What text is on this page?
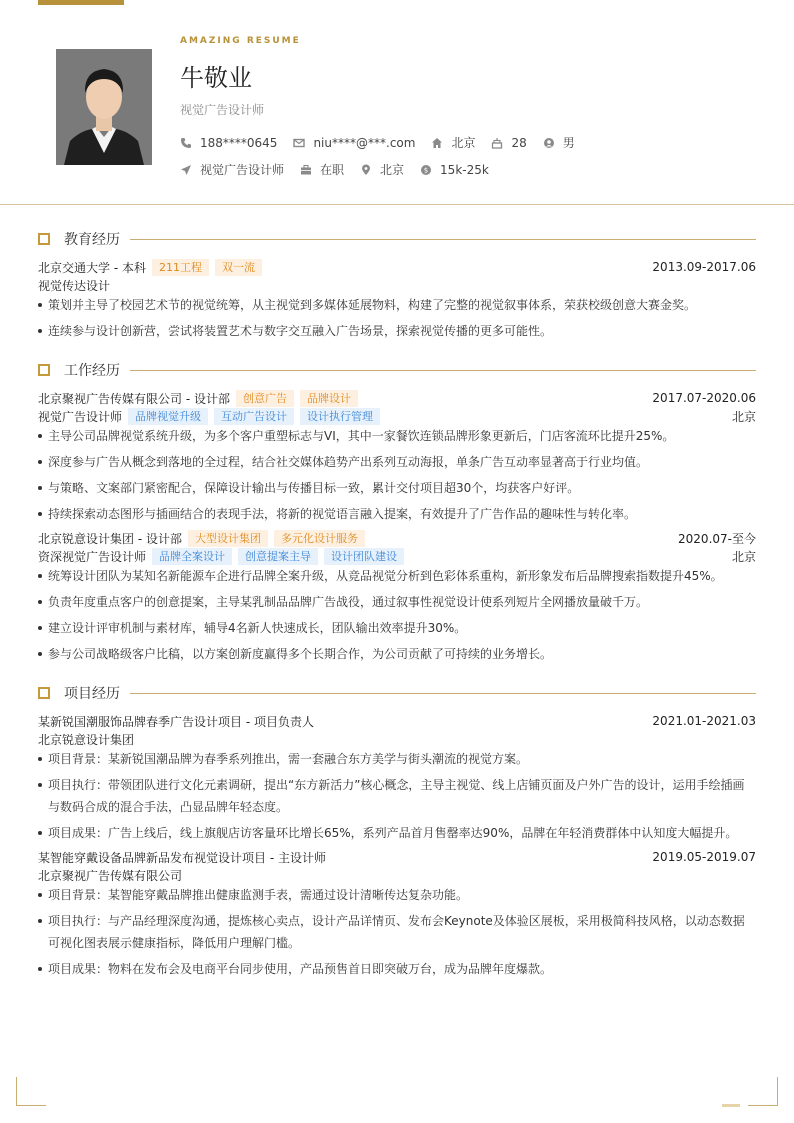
AMAZING RESUME
牛敬业
视觉广告设计师
188****0645	niu****@***.com	北京	28	男
视觉广告设计师	在职	北京	$ 15k-25k
教育经历
北京交通大学 - 本科	211工程	双一流	2013.09-2017.06
视觉传达设计
策划并主导了校园艺术节的视觉统筹，从主视觉到多媒体延展物料，构建了完整的视觉叙事体系，荣获校级创意大赛金奖。
连续参与设计创新营，尝试将装置艺术与数字交互融入广告场景，探索视觉传播的更多可能性。
工作经历
北京聚视广告传媒有限公司 - 设计部	创意广告	品牌设计	2017.07-2020.06
视觉广告设计师	品牌视觉升级	互动广告设计	设计执行管理	北京
主导公司品牌视觉系统升级，为多个客户重塑标志与VI，其中一家餐饮连锁品牌形象更新后，门店客流环比提升25%。
深度参与广告从概念到落地的全过程，结合社交媒体趋势产出系列互动海报，单条广告互动率显著高于行业均值。
与策略、文案部门紧密配合，保障设计输出与传播目标一致，累计交付项目超30个，均获客户好评。
持续探索动态图形与插画结合的表现手法，将新的视觉语言融入提案，有效提升了广告作品的趣味性与转化率。
北京锐意设计集团 - 设计部	大型设计集团	多元化设计服务	2020.07-至今
资深视觉广告设计师	品牌全案设计	创意提案主导	设计团队建设	北京
统筹设计团队为某知名新能源车企进行品牌全案升级，从竞品视觉分析到色彩体系重构，新形象发布后品牌搜索指数提升45%。
负责年度重点客户的创意提案，主导某乳制品品牌广告战役，通过叙事性视觉设计使系列短片全网播放量破千万。
建立设计评审机制与素材库，辅导4名新人快速成长，团队输出效率提升30%。
参与公司战略级客户比稿，以方案创新度赢得多个长期合作，为公司贡献了可持续的业务增长。
项目经历
某新锐国潮服饰品牌春季广告设计项目 - 项目负责人	2021.01-2021.03
北京锐意设计集团
项目背景：某新锐国潮品牌为春季系列推出，需一套融合东方美学与街头潮流的视觉方案。
项目执行：带领团队进行文化元素调研，提出“东方新活力”核心概念，主导主视觉、线上店铺页面及户外广告的设计，运用手绘插画与数码合成的混合手法，凸显品牌年轻态度。
项目成果：广告上线后，线上旗舰店访客量环比增长65%，系列产品首月售罄率达90%，品牌在年轻消费群体中认知度大幅提升。
某智能穿戴设备品牌新品发布视觉设计项目 - 主设计师	2019.05-2019.07
北京聚视广告传媒有限公司
项目背景：某智能穿戴品牌推出健康监测手表，需通过设计清晰传达复杂功能。
项目执行：与产品经理深度沟通，提炼核心卖点，设计产品详情页、发布会Keynote及体验区展板，采用极简科技风格，以动态数据可视化图表展示健康指标，降低用户理解门槛。
项目成果：物料在发布会及电商平台同步使用，产品预售首日即突破万台，成为品牌年度爆款。
